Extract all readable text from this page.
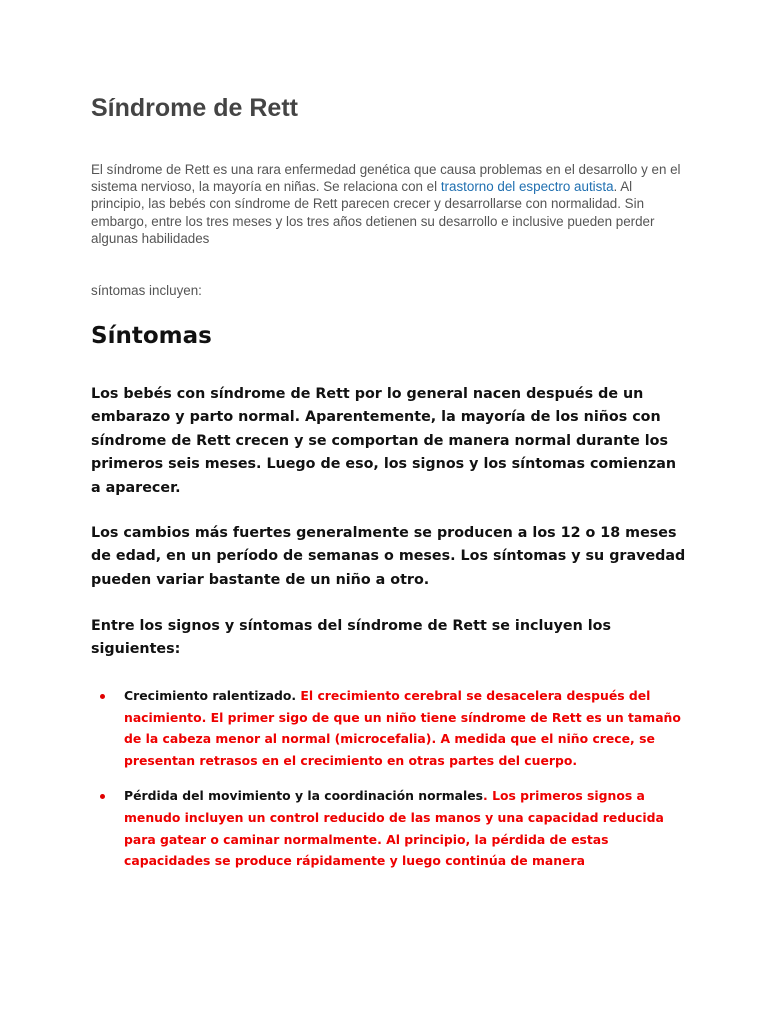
Síndrome de Rett

El síndrome de Rett es una rara enfermedad genética que causa problemas en el desarrollo y en el sistema nervioso, la mayoría en niñas. Se relaciona con el trastorno del espectro autista. Al principio, las bebés con síndrome de Rett parecen crecer y desarrollarse con normalidad. Sin embargo, entre los tres meses y los tres años detienen su desarrollo e inclusive pueden perder algunas habilidades

síntomas incluyen:

Síntomas

Los bebés con síndrome de Rett por lo general nacen después de un embarazo y parto normal. Aparentemente, la mayoría de los niños con síndrome de Rett crecen y se comportan de manera normal durante los primeros seis meses. Luego de eso, los signos y los síntomas comienzan a aparecer.

Los cambios más fuertes generalmente se producen a los 12 o 18 meses de edad, en un período de semanas o meses. Los síntomas y su gravedad pueden variar bastante de un niño a otro.

Entre los signos y síntomas del síndrome de Rett se incluyen los siguientes:

Crecimiento ralentizado. El crecimiento cerebral se desacelera después del nacimiento. El primer sigo de que un niño tiene síndrome de Rett es un tamaño de la cabeza menor al normal (microcefalia). A medida que el niño crece, se presentan retrasos en el crecimiento en otras partes del cuerpo.
Pérdida del movimiento y la coordinación normales. Los primeros signos a menudo incluyen un control reducido de las manos y una capacidad reducida para gatear o caminar normalmente. Al principio, la pérdida de estas capacidades se produce rápidamente y luego continúa de manera
